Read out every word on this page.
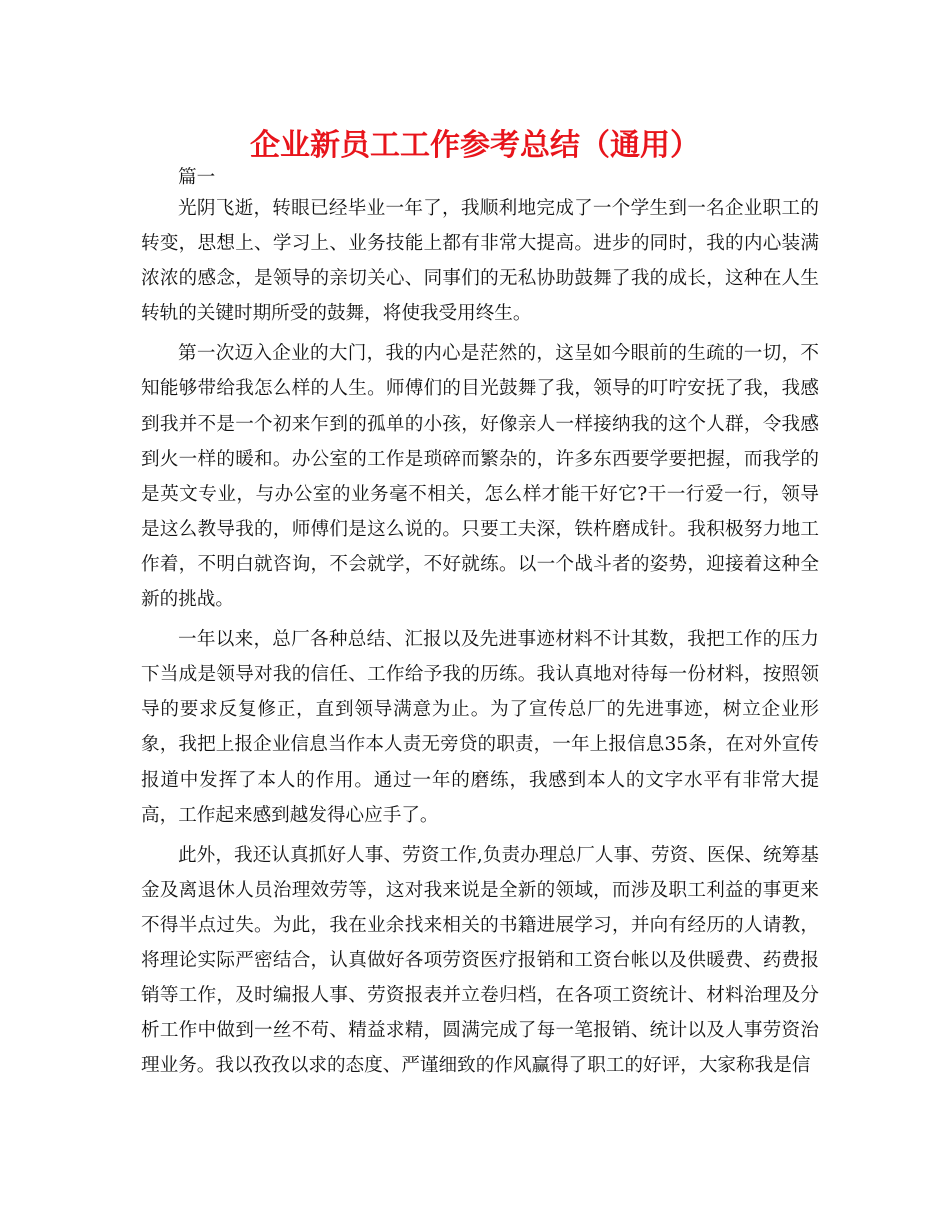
企业新员工工作参考总结（通用）

篇一

光阴飞逝，转眼已经毕业一年了，我顺利地完成了一个学生到一名企业职工的转变，思想上、学习上、业务技能上都有非常大提高。进步的同时，我的内心装满浓浓的感念，是领导的亲切关心、同事们的无私协助鼓舞了我的成长，这种在人生转轨的关键时期所受的鼓舞，将使我受用终生。

第一次迈入企业的大门，我的内心是茫然的，这呈如今眼前的生疏的一切，不知能够带给我怎么样的人生。师傅们的目光鼓舞了我，领导的叮咛安抚了我，我感到我并不是一个初来乍到的孤单的小孩，好像亲人一样接纳我的这个人群，令我感到火一样的暖和。办公室的工作是琐碎而繁杂的，许多东西要学要把握，而我学的是英文专业，与办公室的业务毫不相关，怎么样才能干好它?干一行爱一行，领导是这么教导我的，师傅们是这么说的。只要工夫深，铁杵磨成针。我积极努力地工作着，不明白就咨询，不会就学，不好就练。以一个战斗者的姿势，迎接着这种全新的挑战。

一年以来，总厂各种总结、汇报以及先进事迹材料不计其数，我把工作的压力下当成是领导对我的信任、工作给予我的历练。我认真地对待每一份材料，按照领导的要求反复修正，直到领导满意为止。为了宣传总厂的先进事迹，树立企业形象，我把上报企业信息当作本人责无旁贷的职责，一年上报信息35条，在对外宣传报道中发挥了本人的作用。通过一年的磨练，我感到本人的文字水平有非常大提高，工作起来感到越发得心应手了。

此外，我还认真抓好人事、劳资工作,负责办理总厂人事、劳资、医保、统筹基金及离退休人员治理效劳等，这对我来说是全新的领域，而涉及职工利益的事更来不得半点过失。为此，我在业余找来相关的书籍进展学习，并向有经历的人请教，将理论实际严密结合，认真做好各项劳资医疗报销和工资台帐以及供暖费、药费报销等工作，及时编报人事、劳资报表并立卷归档，在各项工资统计、材料治理及分析工作中做到一丝不苟、精益求精，圆满完成了每一笔报销、统计以及人事劳资治理业务。我以孜孜以求的态度、严谨细致的作风赢得了职工的好评，大家称我是信
